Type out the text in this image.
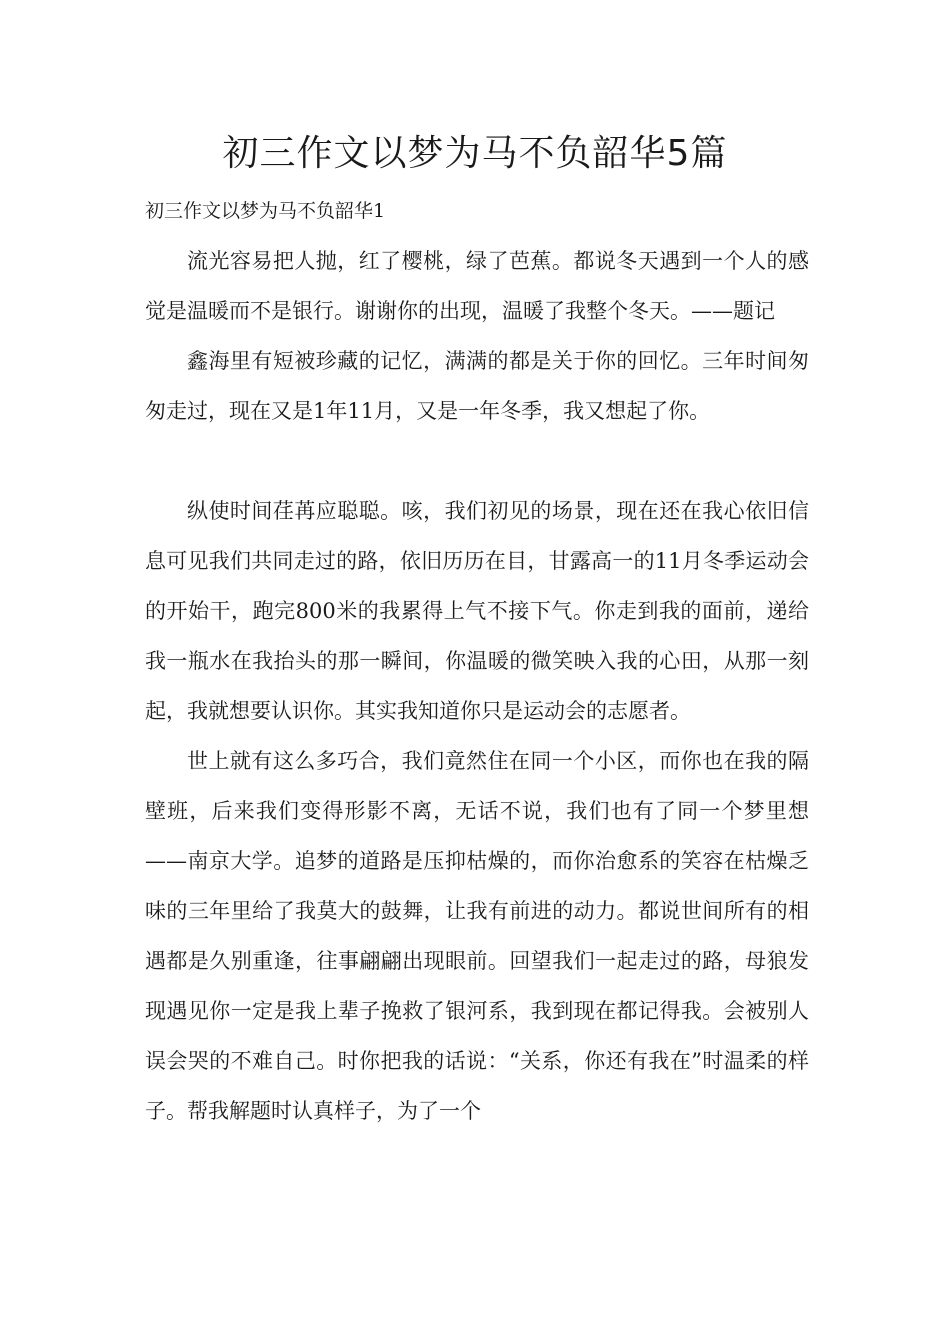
初三作文以梦为马不负韶华5篇

初三作文以梦为马不负韶华1

流光容易把人抛，红了樱桃，绿了芭蕉。都说冬天遇到一个人的感觉是温暖而不是银行。谢谢你的出现，温暖了我整个冬天。——题记

鑫海里有短被珍藏的记忆，满满的都是关于你的回忆。三年时间匆匆走过，现在又是1年11月，又是一年冬季，我又想起了你。

纵使时间荏苒应聪聪。咳，我们初见的场景，现在还在我心依旧信息可见我们共同走过的路，依旧历历在目，甘露高一的11月冬季运动会的开始干，跑完800米的我累得上气不接下气。你走到我的面前，递给我一瓶水在我抬头的那一瞬间，你温暖的微笑映入我的心田，从那一刻起，我就想要认识你。其实我知道你只是运动会的志愿者。

世上就有这么多巧合，我们竟然住在同一个小区，而你也在我的隔壁班，后来我们变得形影不离，无话不说，我们也有了同一个梦里想——南京大学。追梦的道路是压抑枯燥的，而你治愈系的笑容在枯燥乏味的三年里给了我莫大的鼓舞，让我有前进的动力。都说世间所有的相遇都是久别重逢，往事翩翩出现眼前。回望我们一起走过的路，母狼发现遇见你一定是我上辈子挽救了银河系，我到现在都记得我。会被别人误会哭的不难自己。时你把我的话说：“关系，你还有我在”时温柔的样子。帮我解题时认真样子，为了一个
